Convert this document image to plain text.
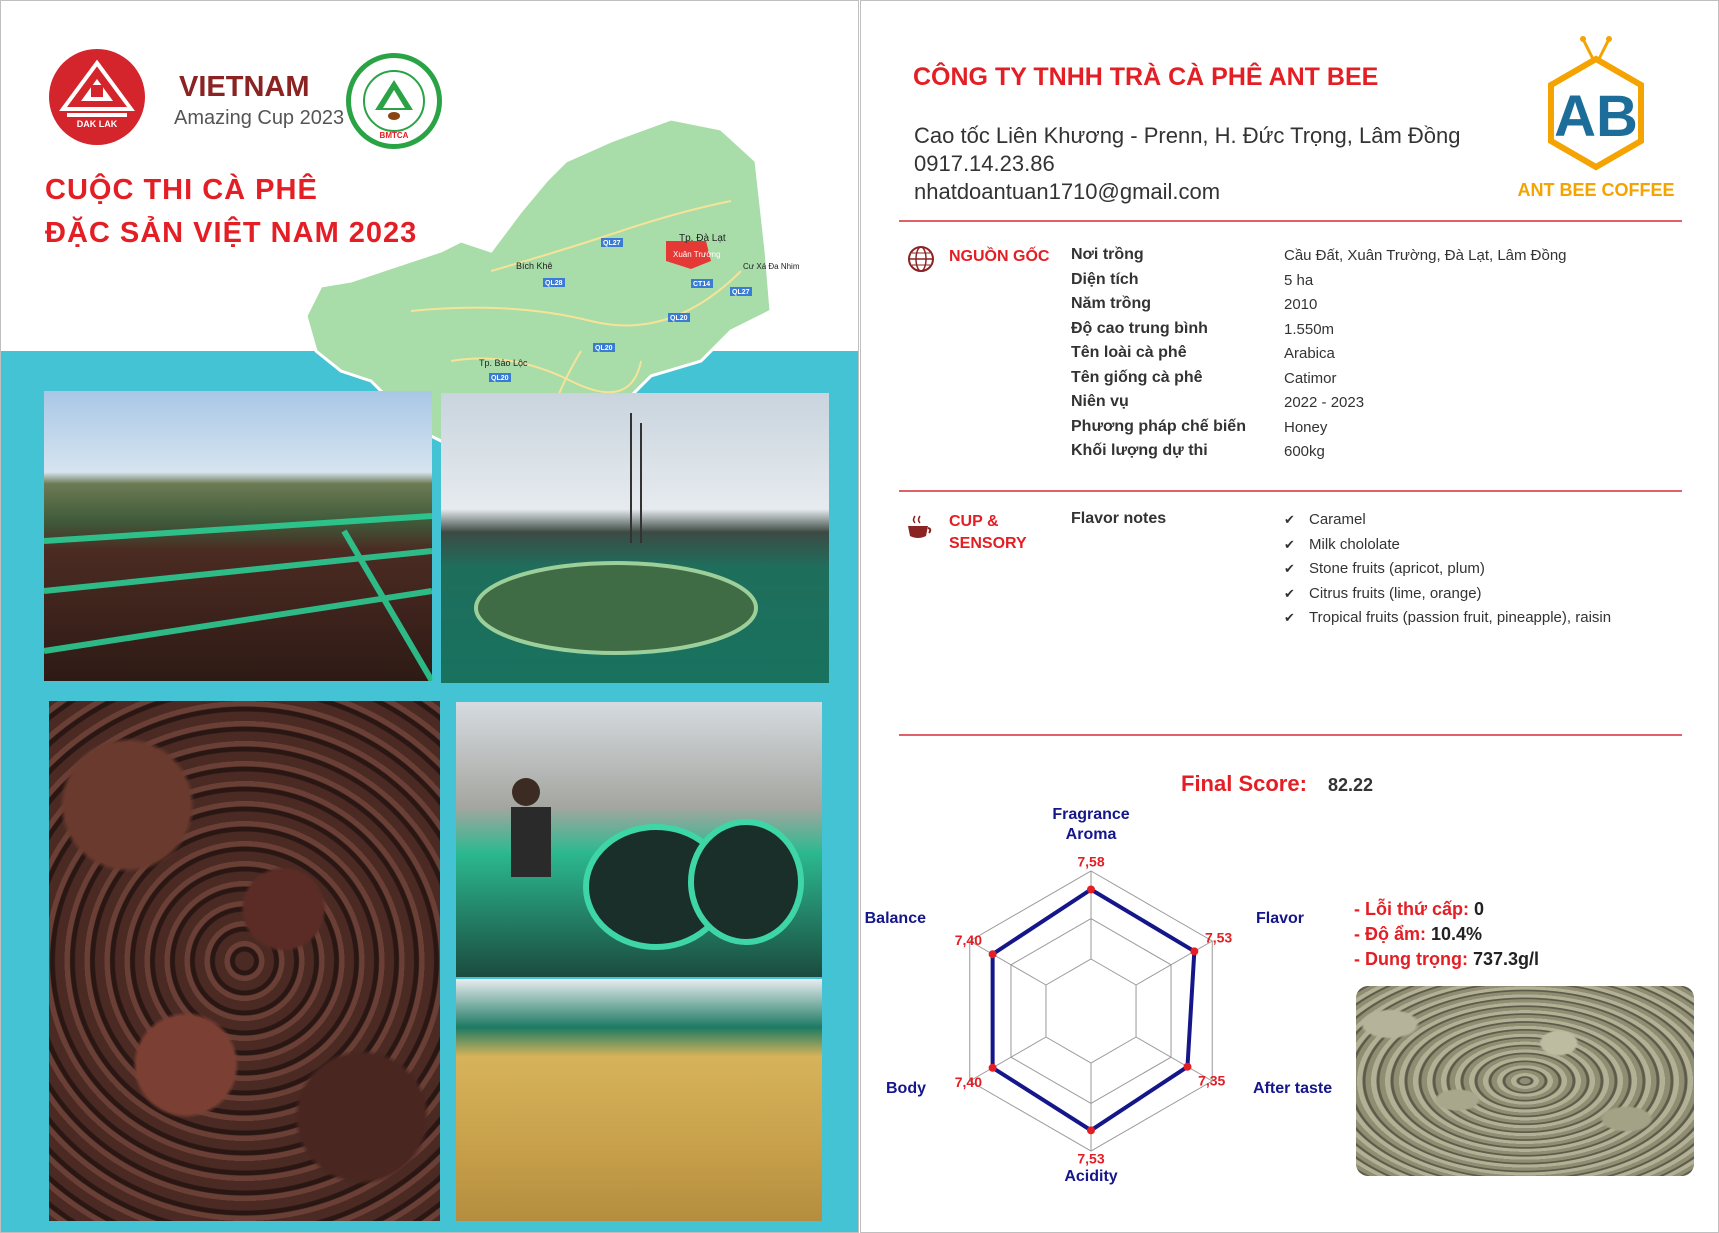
DAK LAK
VIETNAM
Amazing Cup 2023
BMTCA
CUỘC THI CÀ PHÊ
ĐẶC SẢN VIỆT NAM 2023	Tp. Đà Lạt
Xuân Trường
Bích Khê
Tp. Bảo Lộc
Cư Xá Đa Nhim
QL27
QL28
QL20
CT14
QL27
QL20
QL20
CÔNG TY TNHH TRÀ CÀ PHÊ ANT BEE
Cao tốc Liên Khương - Prenn, H. Đức Trọng, Lâm Đồng
0917.14.23.86
nhatdoantuan1710@gmail.com
AB
ANT BEE COFFEE
NGUỒN GỐC Nơi trồng	Cầu Đất, Xuân Trường, Đà Lạt, Lâm Đồng
Diện tích	5 ha
Năm trồng	2010
Độ cao trung bình	1.550m
Tên loài cà phê	Arabica
Tên giống cà phê	Catimor
Niên vụ	2022 - 2023
Phương pháp chế biến	Honey
Khối lượng dự thi	600kg
CUP &
SENSORY
Flavor notes	✔ Caramel
✔ Milk chololate
✔ Stone fruits (apricot, plum)
✔ Citrus fruits (lime, orange)
✔ Tropical fruits (passion fruit, pineapple), raisin
Final Score: 82.22
7,58
7,53
7,35
7,53
7,40
7,40
Fragrance Aroma
Flavor
After taste
Acidity
Body
Balance	- Lỗi thứ cấp: 0
- Độ ẩm: 10.4%
- Dung trọng: 737.3g/l
